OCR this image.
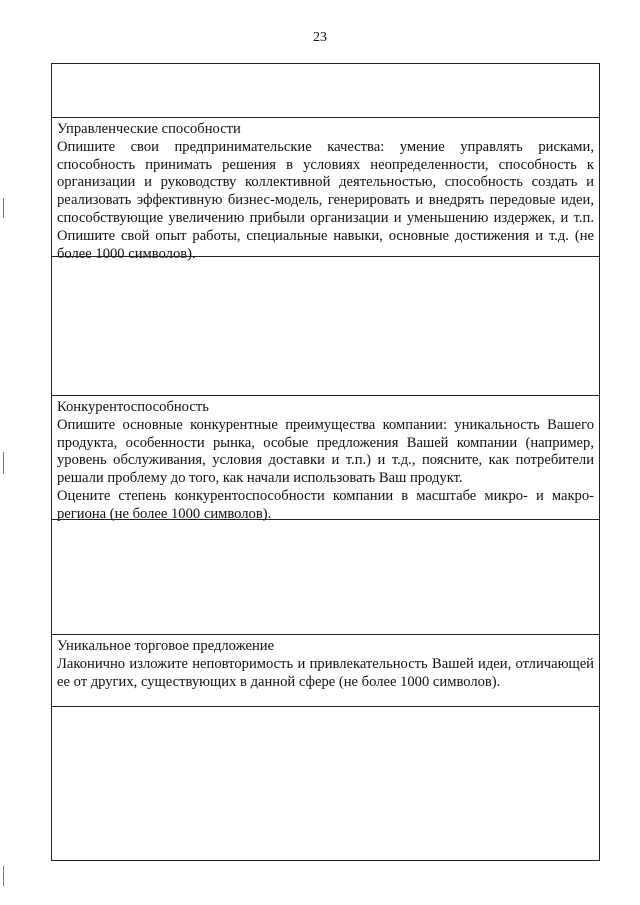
23
Управленческие способности
Опишите свои предпринимательские качества: умение управлять рисками, способность принимать решения в условиях неопределенности, способность к организации и руководству коллективной деятельностью, способность создать и реализовать эффективную бизнес-модель, генерировать и внедрять передовые идеи, способствующие увеличению прибыли организации и уменьшению издержек, и т.п. Опишите свой опыт работы, специальные навыки, основные достижения и т.д. (не более 1000 символов).
Конкурентоспособность
Опишите основные конкурентные преимущества компании: уникальность Вашего продукта, особенности рынка, особые предложения Вашей компании (например, уровень обслуживания, условия доставки и т.п.) и т.д., поясните, как потребители решали проблему до того, как начали использовать Ваш продукт.
Оцените степень конкурентоспособности компании в масштабе микро- и макро-региона (не более 1000 символов).
Уникальное торговое предложение
Лаконично изложите неповторимость и привлекательность Вашей идеи, отличающей ее от других, существующих в данной сфере (не более 1000 символов).
